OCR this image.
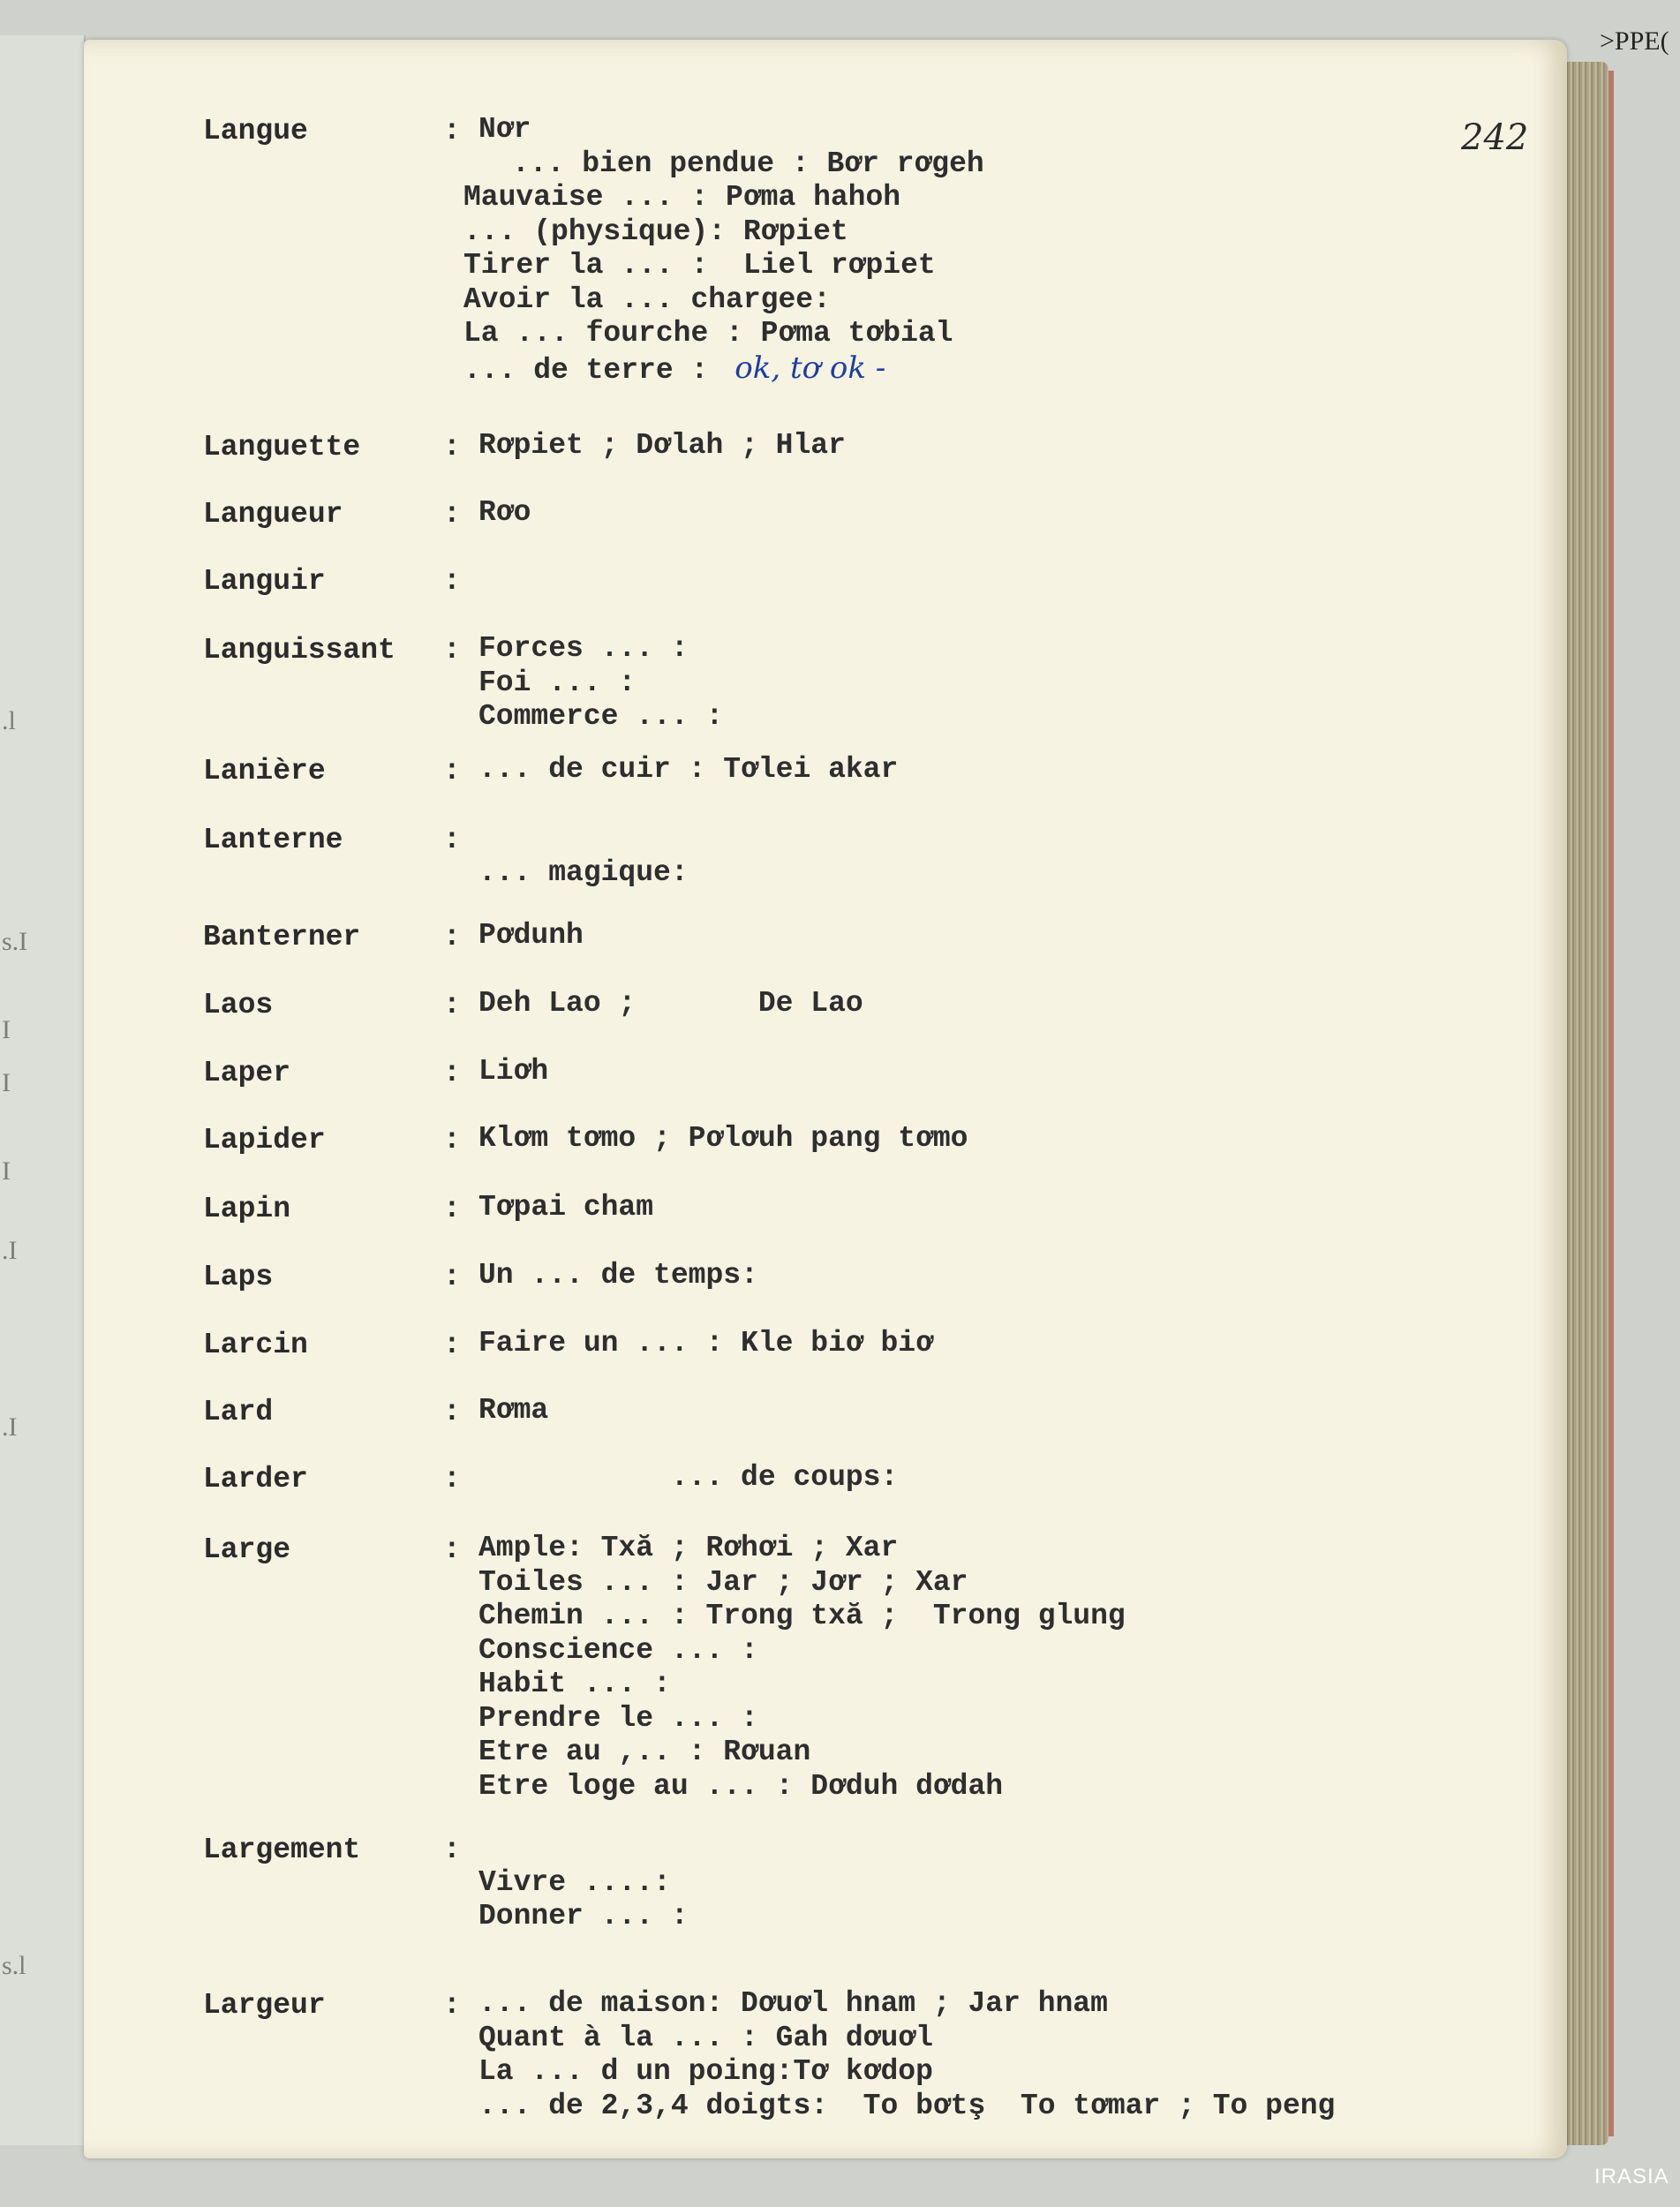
.l
s.I
I
I
I
.I
.I
s.l
>PPE(
242
Langue	: Nơr
... bien pendue : Bơr rơgeh
Mauvaise ... : Pơma hahoh
... (physique): Rơpiet
Tirer la ... :  Liel rơpiet
Avoir la ... chargee:
La ... fourche : Pơma tơbial
... de terre : ok, tơ ok -
Languette	: Rơpiet ; Dơlah ; Hlar
Langueur	: Rơo
Languir	:
Languissant : Forces ... :
Foi ... :
Commerce ... :
Lanière	: ... de cuir : Tơlei akar
Lanterne	:
... magique:
Banterner	: Pơdunh
Laos	: Deh Lao ;       De Lao
Laper	: Liơh
Lapider	: Klơm tơmo ; Pơlơuh pang tơmo
Lapin	: Tơpai cham
Laps	: Un ... de temps:
Larcin	: Faire un ... : Kle biơ biơ
Lard	: Rơma
Larder	: ... de coups:
Large	: Ample: Txă ; Rơhơi ; Xar
Toiles ... : Jar ; Jơr ; Xar
Chemin ... : Trong txă ;  Trong glung
Conscience ... :
Habit ... :
Prendre le ... :
Etre au ,.. : Rơuan
Etre loge au ... : Dơduh dơdah
Largement	:
Vivre ....:
Donner ... :
Largeur	: ... de maison: Dơuơl hnam ; Jar hnam
Quant à la ... : Gah dơuơl
La ... d un poing:Tơ kơdop
... de 2,3,4 doigts:  To bơtş  To tơmar ; To peng
IRASIA
